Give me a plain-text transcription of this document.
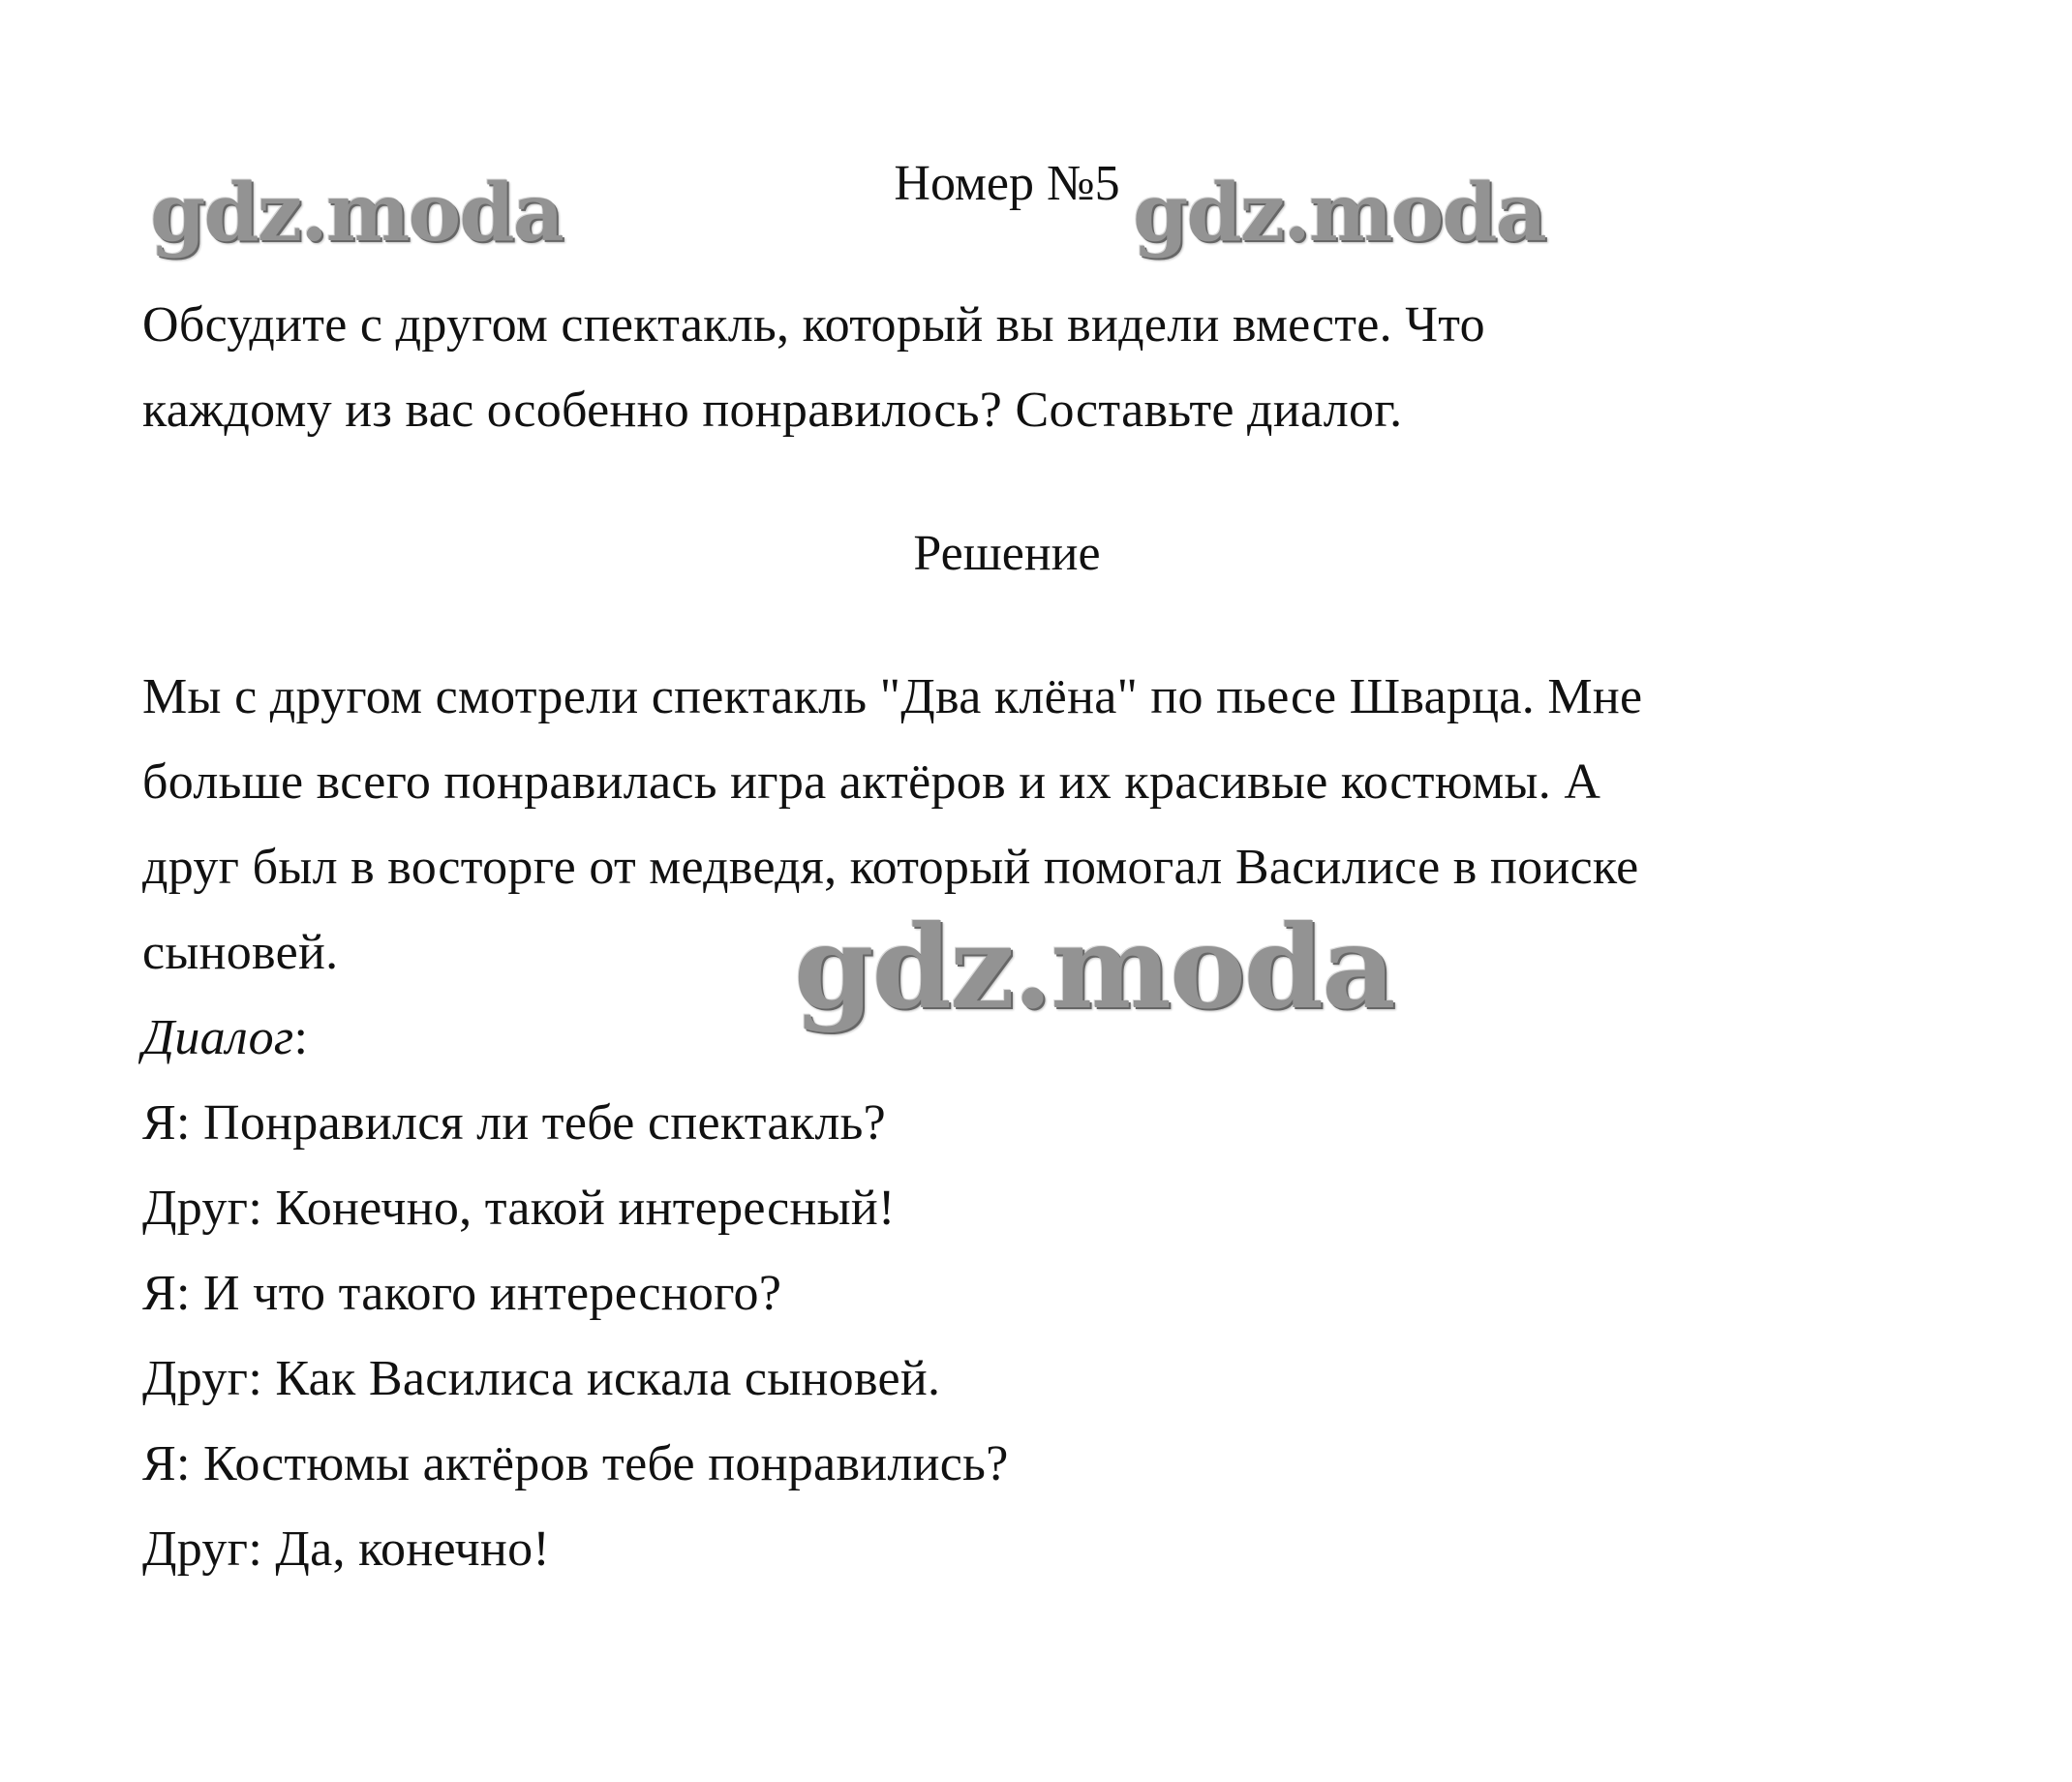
Номер №5
Обсудите с другом спектакль, который вы видели вместе. Что
каждому из вас особенно понравилось? Составьте диалог.
Решение
Мы с другом смотрели спектакль "Два клёна" по пьесе Шварца. Мне
больше всего понравилась игра актёров и их красивые костюмы. А
друг был в восторге от медведя, который помогал Василисе в поиске
сыновей.
Диалог:
Я: Понравился ли тебе спектакль?
Друг: Конечно, такой интересный!
Я: И что такого интересного?
Друг: Как Василиса искала сыновей.
Я: Костюмы актёров тебе понравились?
Друг: Да, конечно!
gdz.moda	gdz.moda
gdz.moda
